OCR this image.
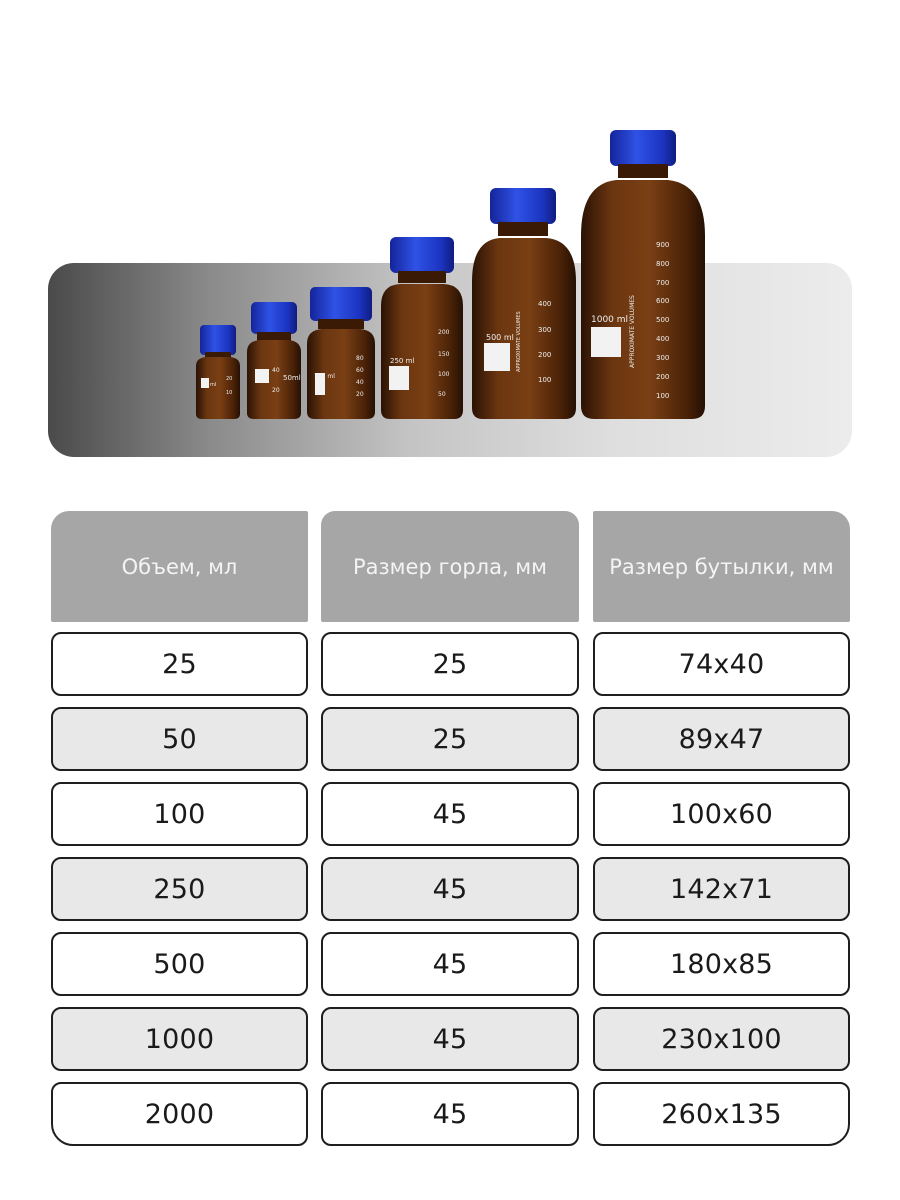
25 ml
20
10
50ml
40
20
100 ml
80
60
40
20
250 ml
200
150
100
50
500 ml
400
300
200
100
APPROXIMATE VOLUMES	1000 ml APPROXIMATE VOLUMES
900
800
700
600
500
400
300
200
100
Объем, мл	Размер горла, мм	Размер бутылки, мм
25	25	74x40
50	25	89x47
100	45	100x60
250	45	142x71
500	45	180x85
1000	45	230x100
2000	45	260x135
